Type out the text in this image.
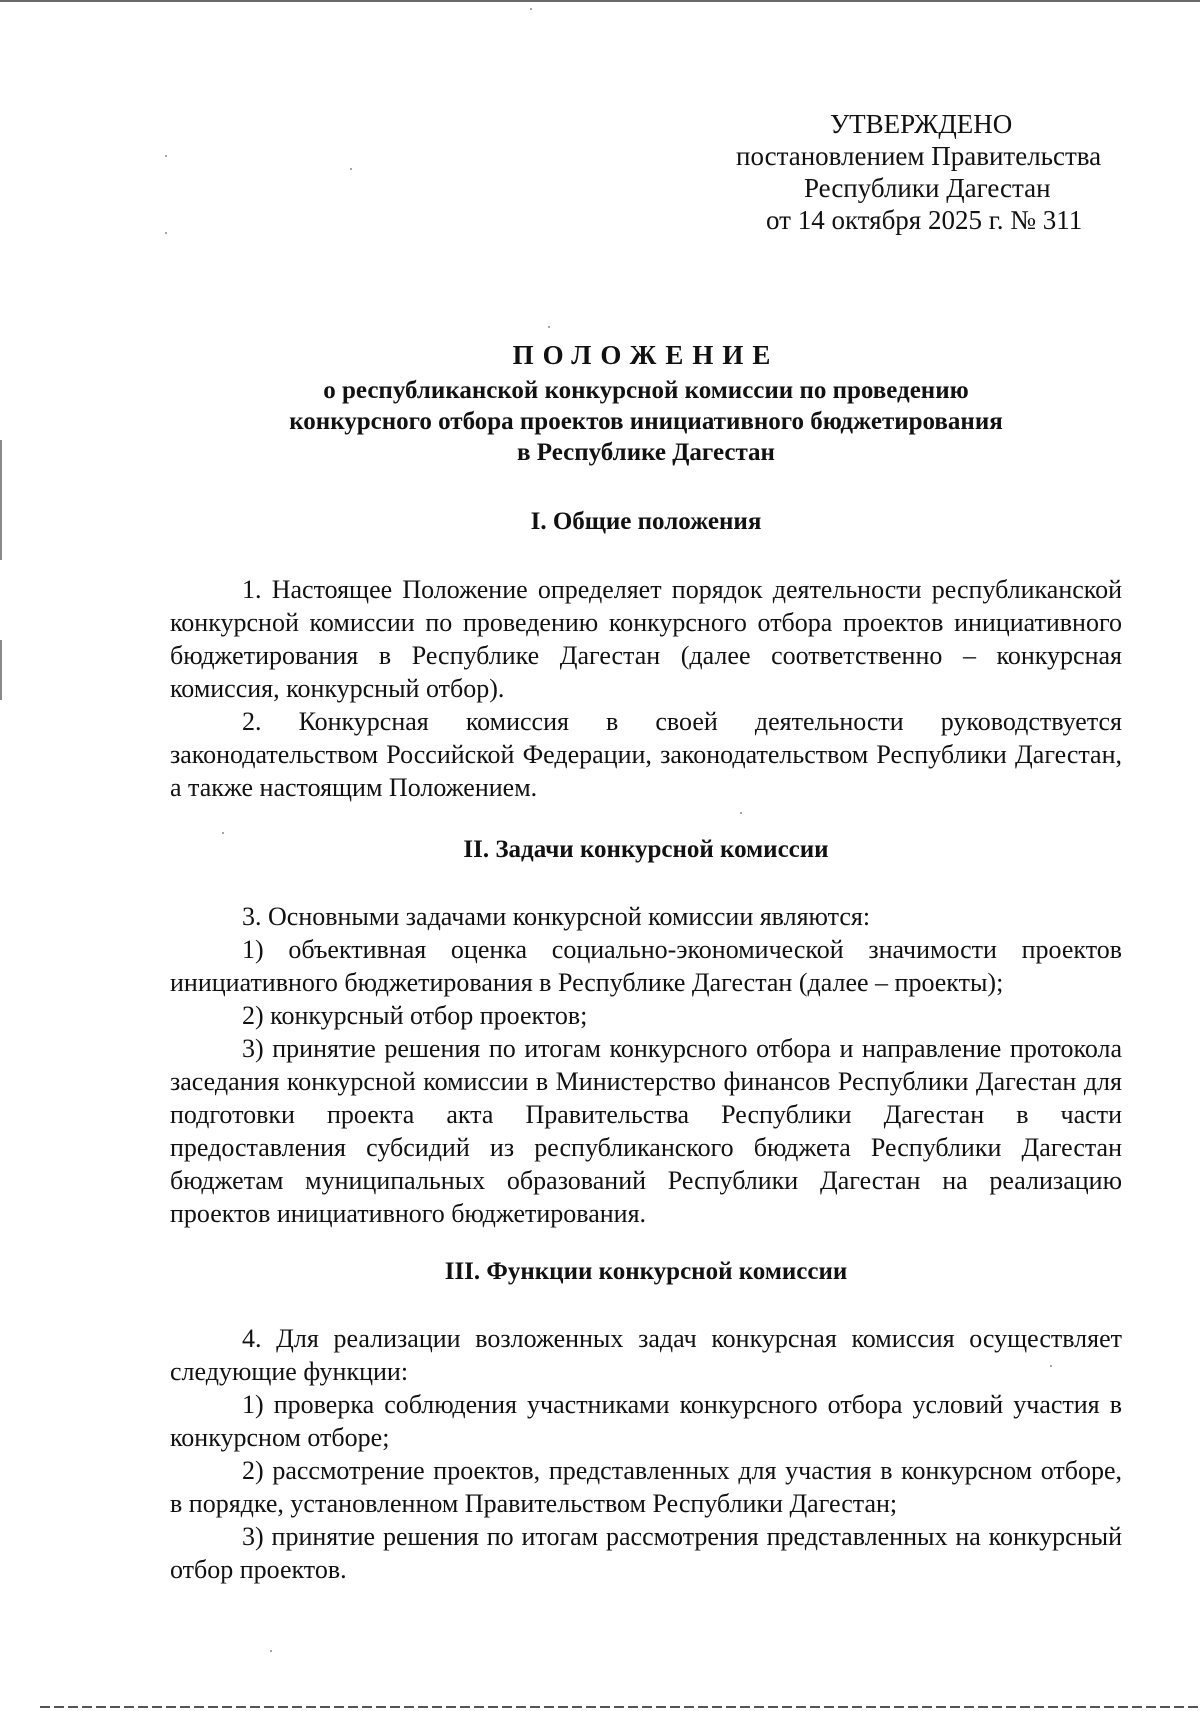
УТВЕРЖДЕНО
постановлением Правительства
Республики Дагестан
от 14 октября 2025 г. № 311
ПОЛОЖЕНИЕ
о республиканской конкурсной комиссии по проведению
конкурсного отбора проектов инициативного бюджетирования
в Республике Дагестан
I. Общие положения
1. Настоящее Положение определяет порядок деятельности республиканской конкурсной комиссии по проведению конкурсного отбора проектов инициативного бюджетирования в Республике Дагестан (далее соответственно – конкурсная комиссия, конкурсный отбор).
2. Конкурсная комиссия в своей деятельности руководствуется законодательством Российской Федерации, законодательством Республики Дагестан, а также настоящим Положением.
II. Задачи конкурсной комиссии
3. Основными задачами конкурсной комиссии являются:
1) объективная оценка социально-экономической значимости проектов инициативного бюджетирования в Республике Дагестан (далее – проекты);
2) конкурсный отбор проектов;
3) принятие решения по итогам конкурсного отбора и направление протокола заседания конкурсной комиссии в Министерство финансов Республики Дагестан для подготовки проекта акта Правительства Республики Дагестан в части предоставления субсидий из республиканского бюджета Республики Дагестан бюджетам муниципальных образований Республики Дагестан на реализацию проектов инициативного бюджетирования.
III. Функции конкурсной комиссии
4. Для реализации возложенных задач конкурсная комиссия осуществляет следующие функции:
1) проверка соблюдения участниками конкурсного отбора условий участия в конкурсном отборе;
2) рассмотрение проектов, представленных для участия в конкурсном отборе, в порядке, установленном Правительством Республики Дагестан;
3) принятие решения по итогам рассмотрения представленных на конкурсный отбор проектов.
